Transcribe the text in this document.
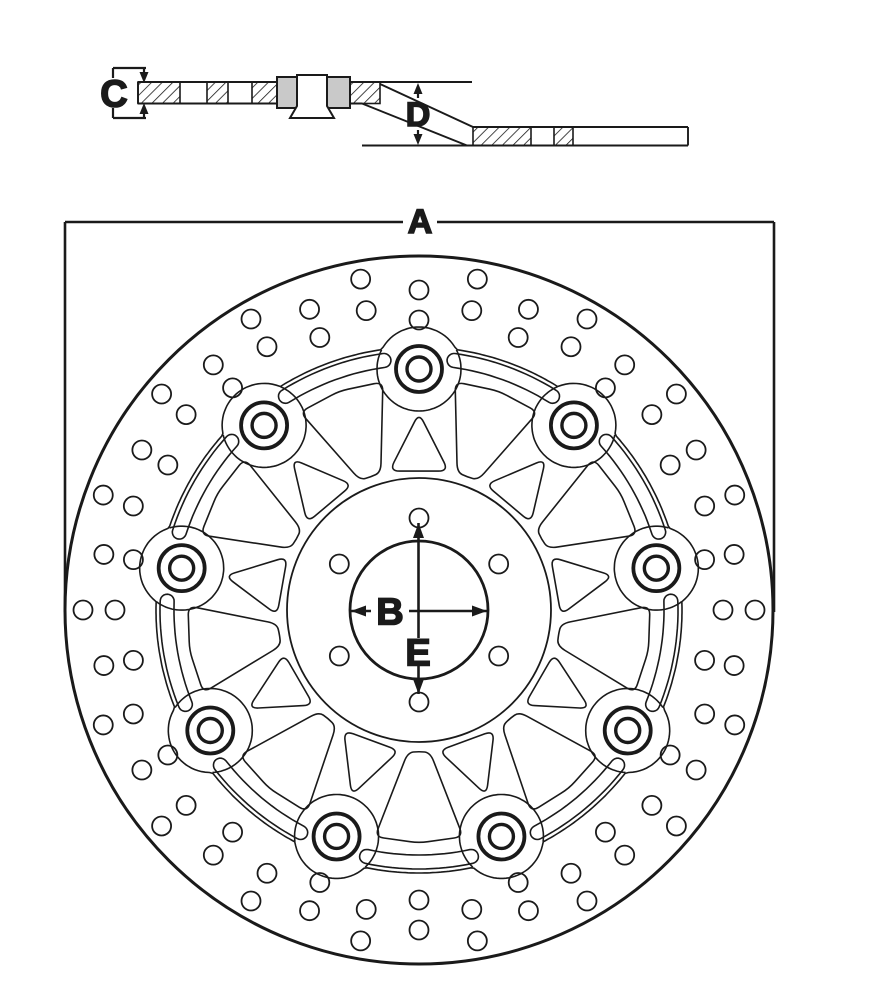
A
B
C	D
E
